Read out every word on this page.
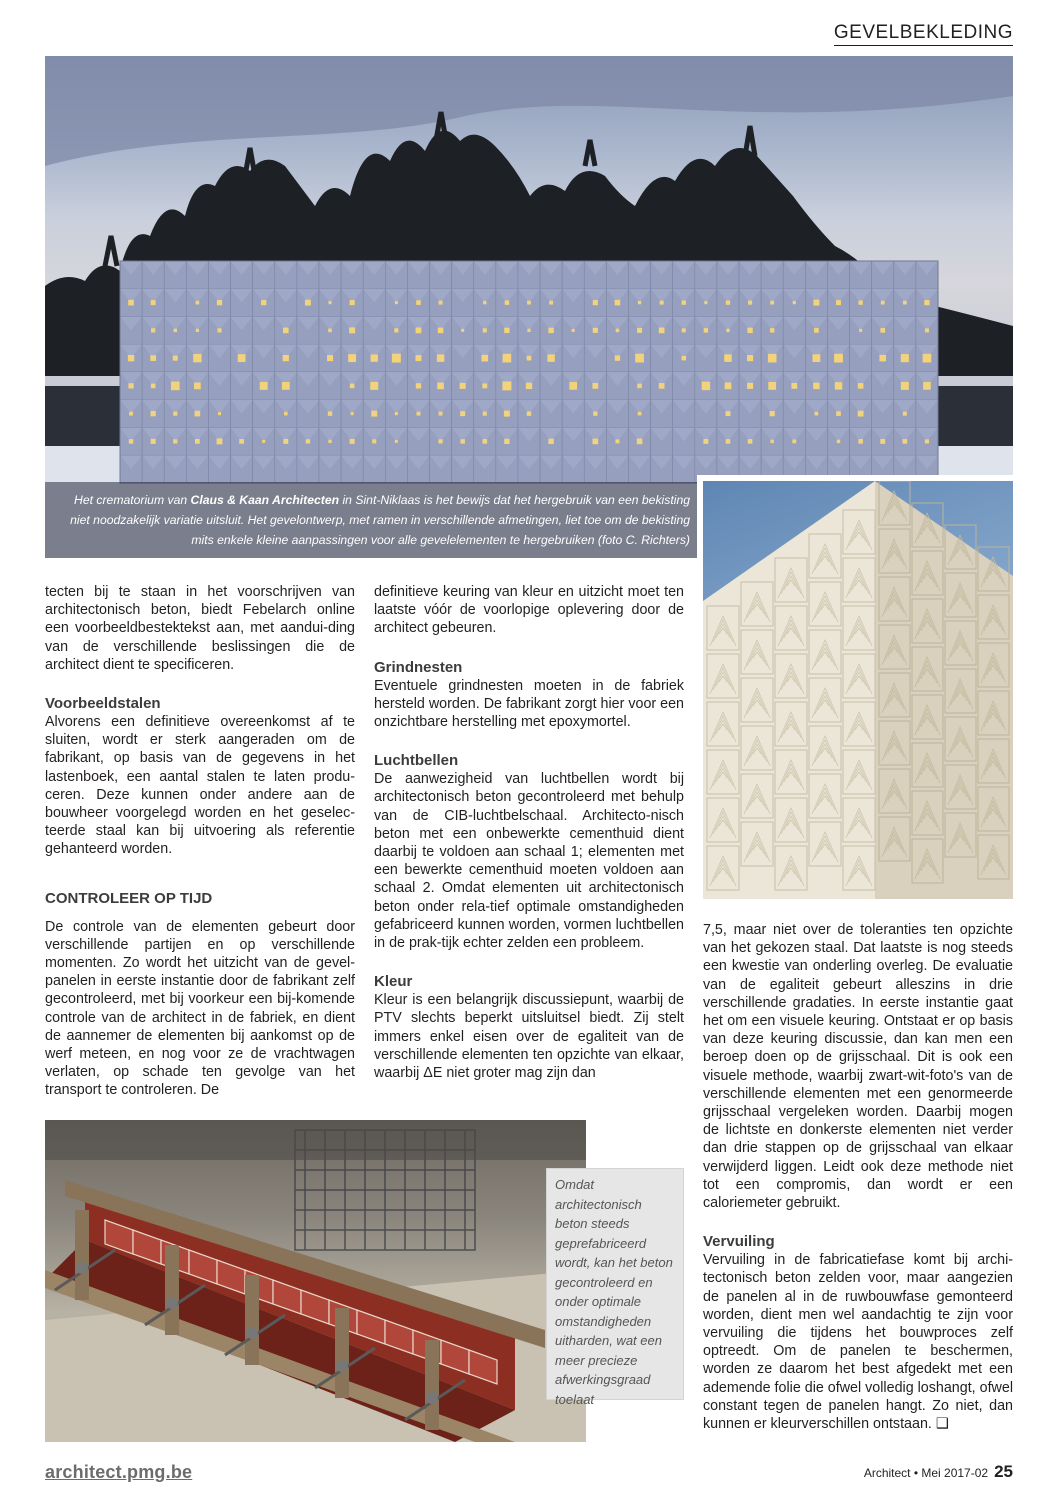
GEVELBEKLEDING

Het crematorium van Claus & Kaan Architecten in Sint-Niklaas is het bewijs dat het hergebruik van een bekisting niet noodzakelijk variatie uitsluit. Het gevelontwerp, met ramen in verschillende afmetingen, liet toe om de bekisting mits enkele kleine aanpassingen voor alle gevelelementen te hergebruiken (foto C. Richters)

tecten bij te staan in het voorschrijven van architectonisch beton, biedt Febelarch online een voorbeeldbestektekst aan, met aandui-ding van de verschillende beslissingen die de architect dient te specificeren.

Voorbeeldstalen

Alvorens een definitieve overeenkomst af te sluiten, wordt er sterk aangeraden om de fabrikant, op basis van de gegevens in het lastenboek, een aantal stalen te laten produ-ceren. Deze kunnen onder andere aan de bouwheer voorgelegd worden en het geselec-teerde staal kan bij uitvoering als referentie gehanteerd worden.

CONTROLEER OP TIJD

De controle van de elementen gebeurt door verschillende partijen en op verschillende momenten. Zo wordt het uitzicht van de gevel-panelen in eerste instantie door de fabrikant zelf gecontroleerd, met bij voorkeur een bij-komende controle van de architect in de fabriek, en dient de aannemer de elementen bij aankomst op de werf meteen, en nog voor ze de vrachtwagen verlaten, op schade ten gevolge van het transport te controleren. De

definitieve keuring van kleur en uitzicht moet ten laatste vóór de voorlopige oplevering door de architect gebeuren.

Grindnesten

Eventuele grindnesten moeten in de fabriek hersteld worden. De fabrikant zorgt hier voor een onzichtbare herstelling met epoxymortel.

Luchtbellen

De aanwezigheid van luchtbellen wordt bij architectonisch beton gecontroleerd met behulp van de CIB-luchtbelschaal. Architecto-nisch beton met een onbewerkte cementhuid dient daarbij te voldoen aan schaal 1; elementen met een bewerkte cementhuid moeten voldoen aan schaal 2. Omdat elementen uit architectonisch beton onder rela-tief optimale omstandigheden gefabriceerd kunnen worden, vormen luchtbellen in de prak-tijk echter zelden een probleem.

Kleur

Kleur is een belangrijk discussiepunt, waarbij de PTV slechts beperkt uitsluitsel biedt. Zij stelt immers enkel eisen over de egaliteit van de verschillende elementen ten opzichte van elkaar, waarbij ΔE niet groter mag zijn dan

7,5, maar niet over de toleranties ten opzichte van het gekozen staal. Dat laatste is nog steeds een kwestie van onderling overleg. De evaluatie van de egaliteit gebeurt alleszins in drie verschillende gradaties. In eerste instantie gaat het om een visuele keuring. Ontstaat er op basis van deze keuring discussie, dan kan men een beroep doen op de grijsschaal. Dit is ook een visuele methode, waarbij zwart-wit-foto's van de verschillende elementen met een genormeerde grijsschaal vergeleken worden. Daarbij mogen de lichtste en donkerste elementen niet verder dan drie stappen op de grijsschaal van elkaar verwijderd liggen. Leidt ook deze methode niet tot een compromis, dan wordt er een caloriemeter gebruikt.

Vervuiling

Vervuiling in de fabricatiefase komt bij archi-tectonisch beton zelden voor, maar aangezien de panelen al in de ruwbouwfase gemonteerd worden, dient men wel aandachtig te zijn voor vervuiling die tijdens het bouwproces zelf optreedt. Om de panelen te beschermen, worden ze daarom het best afgedekt met een ademende folie die ofwel volledig loshangt, ofwel constant tegen de panelen hangt. Zo niet, dan kunnen er kleurverschillen ontstaan. ❑

Omdat architectonisch beton steeds geprefabriceerd wordt, kan het beton gecontroleerd en onder optimale omstandigheden uitharden, wat een meer precieze afwerkingsgraad toelaat

architect.pmg.be	Architect • Mei 2017-02 25
